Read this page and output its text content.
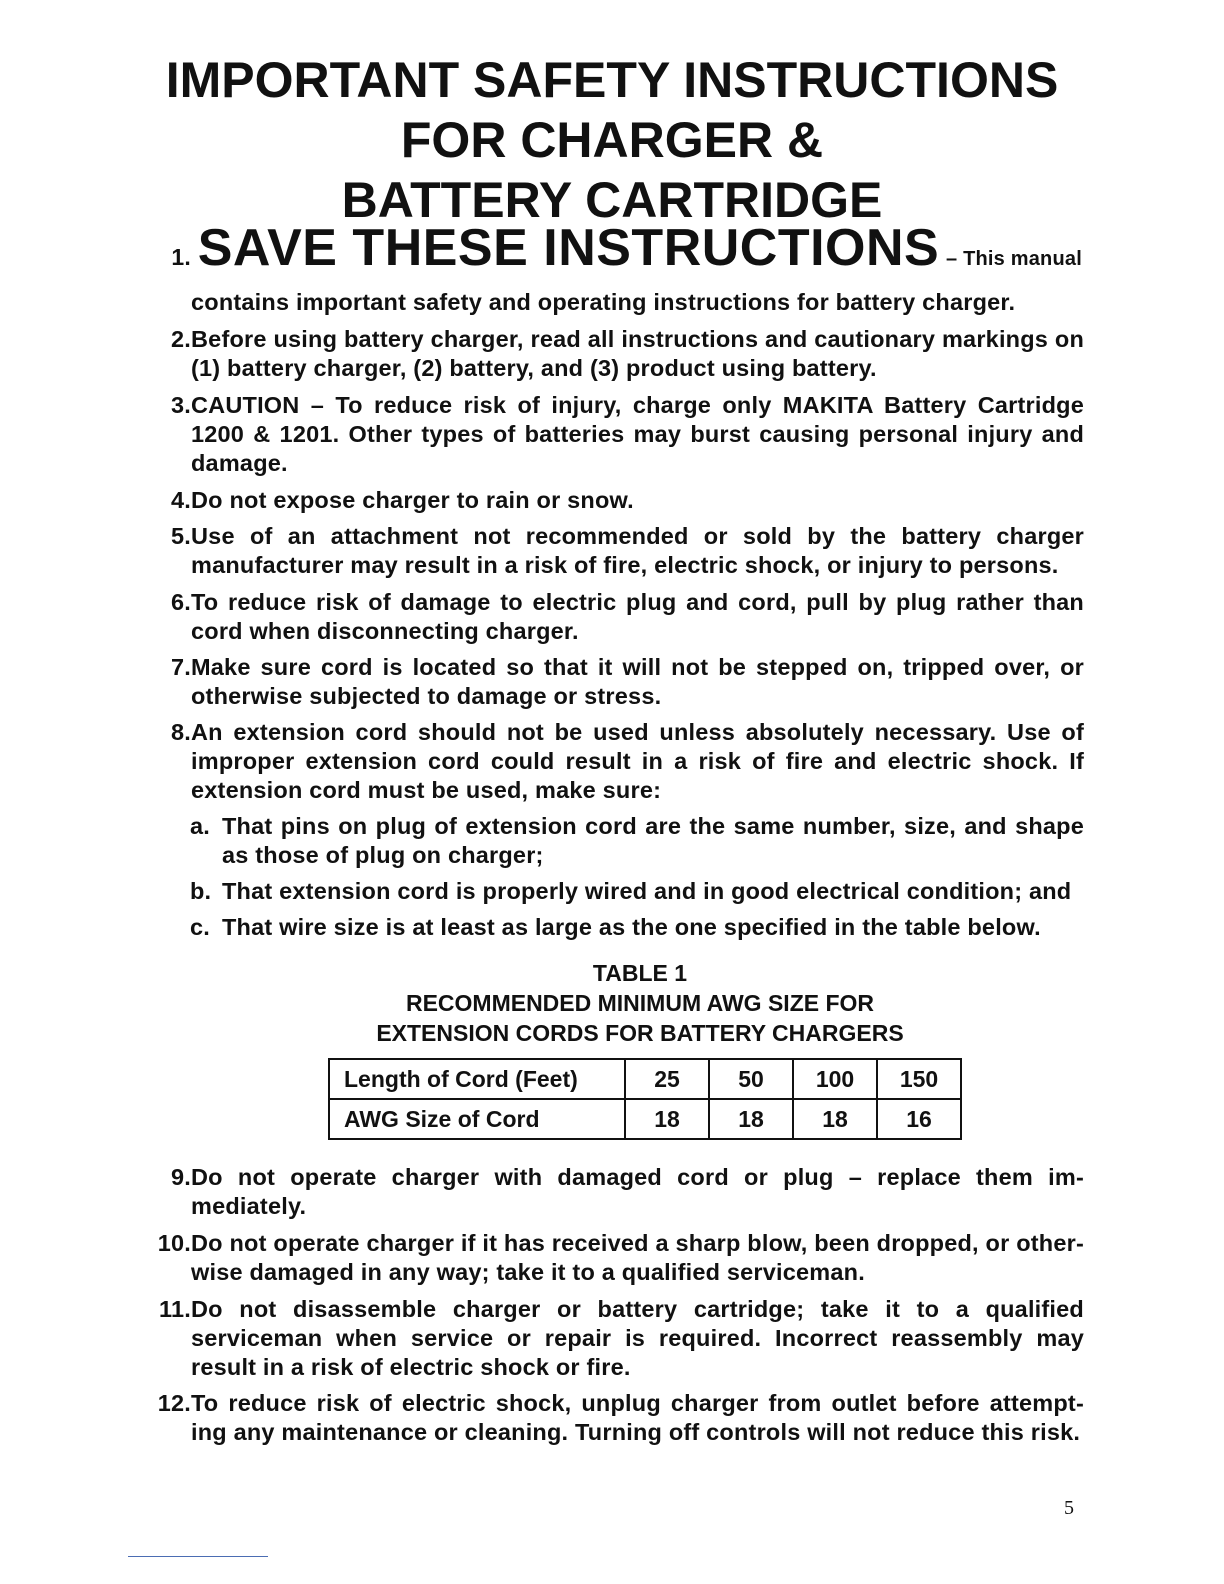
IMPORTANT SAFETY INSTRUCTIONS
FOR CHARGER &
BATTERY CARTRIDGE
1. SAVE THESE INSTRUCTIONS – This manual
contains important safety and operating instructions for battery charger.
2. Before using battery charger, read all instructions and cautionary markings on (1) battery charger, (2) battery, and (3) product using battery.
3. CAUTION – To reduce risk of injury, charge only MAKITA Battery Cartridge 1200 & 1201. Other types of batteries may burst causing personal injury and damage.
4. Do not expose charger to rain or snow.
5. Use of an attachment not recommended or sold by the battery charger manufacturer may result in a risk of fire, electric shock, or injury to persons.
6. To reduce risk of damage to electric plug and cord, pull by plug rather than cord when disconnecting charger.
7. Make sure cord is located so that it will not be stepped on, tripped over, or otherwise subjected to damage or stress.
8. An extension cord should not be used unless absolutely necessary. Use of improper extension cord could result in a risk of fire and electric shock. If extension cord must be used, make sure:
a. That pins on plug of extension cord are the same number, size, and shape as those of plug on charger;
b. That extension cord is properly wired and in good electrical condition; and
c. That wire size is at least as large as the one specified in the table below.
TABLE 1
RECOMMENDED MINIMUM AWG SIZE FOR
EXTENSION CORDS FOR BATTERY CHARGERS
Length of Cord (Feet)	25	50	100	150
AWG Size of Cord	18	18	18	16
9. Do not operate charger with damaged cord or plug – replace them im- mediately.
10. Do not operate charger if it has received a sharp blow, been dropped, or other- wise damaged in any way; take it to a qualified serviceman.
11. Do not disassemble charger or battery cartridge; take it to a qualified serviceman when service or repair is required. Incorrect reassembly may result in a risk of electric shock or fire.
12. To reduce risk of electric shock, unplug charger from outlet before attempt- ing any maintenance or cleaning. Turning off controls will not reduce this risk.
5
